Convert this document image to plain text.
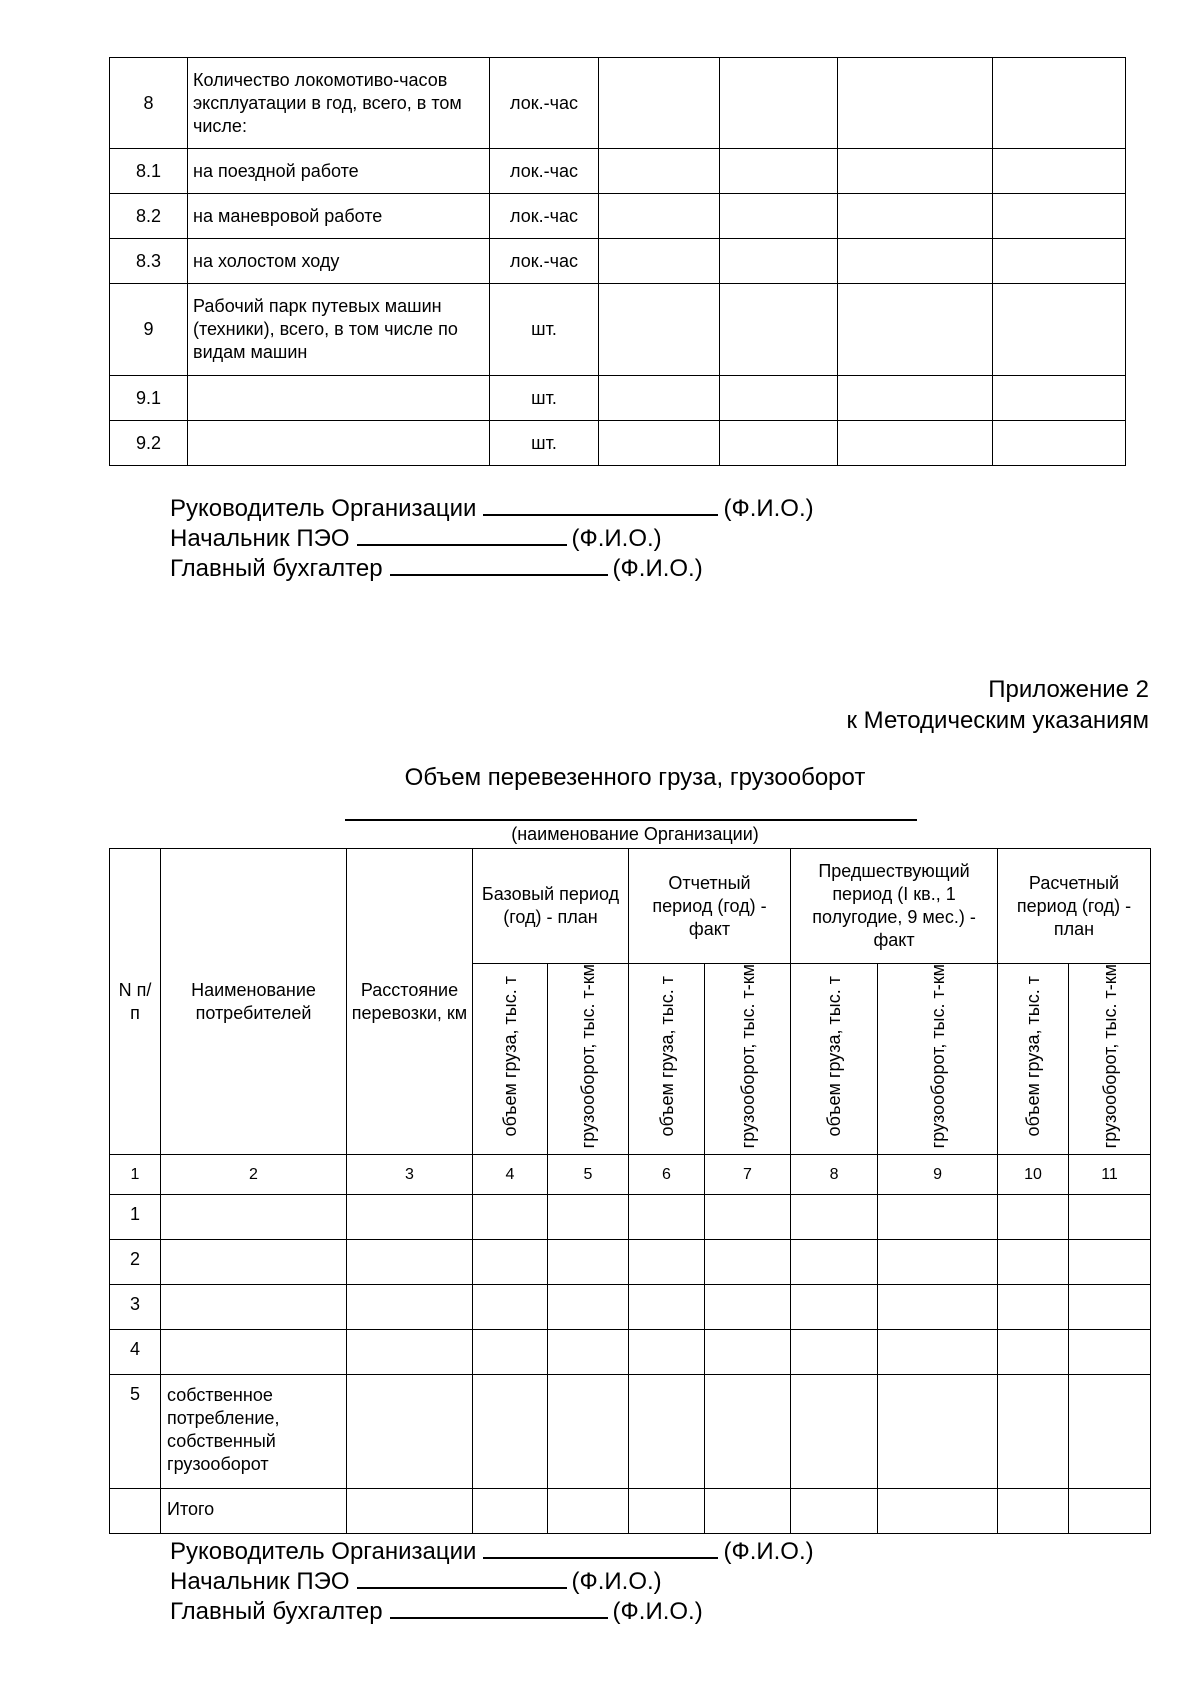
8	Количество локомотиво-часов эксплуатации в год, всего, в том числе:	лок.-час				
8.1	на поездной работе	лок.-час				
8.2	на маневровой работе	лок.-час				
8.3	на холостом ходу	лок.-час				
9	Рабочий парк путевых машин (техники), всего, в том числе по видам машин	шт.				
9.1		шт.				
9.2		шт.				
Руководитель Организации	(Ф.И.О.)
Начальник ПЭО	(Ф.И.О.)
Главный бухгалтер	(Ф.И.О.)
Приложение 2
к Методическим указаниям
Объем перевезенного груза, грузооборот
(наименование Организации)
N п/п	Наименование потребителей	Расстояние перевозки, км	Базовый период (год) - план		Отчетный период (год) - факт		Предшествующий период (I кв., 1 полугодие, 9 мес.) - факт		Расчетный период (год) - план	

			объем груза, тыс. т	грузооборот, тыс. т-км	объем груза, тыс. т	грузооборот, тыс. т-км	объем груза, тыс. т	грузооборот, тыс. т-км	объем груза, тыс. т	грузооборот, тыс. т-км
1	2	3	4	5	6	7	8	9	10	11
1										
2										
3										
4										
5	собственное потребление, собственный грузооборот									
	Итого									
Руководитель Организации	(Ф.И.О.)
Начальник ПЭО	(Ф.И.О.)
Главный бухгалтер	(Ф.И.О.)
